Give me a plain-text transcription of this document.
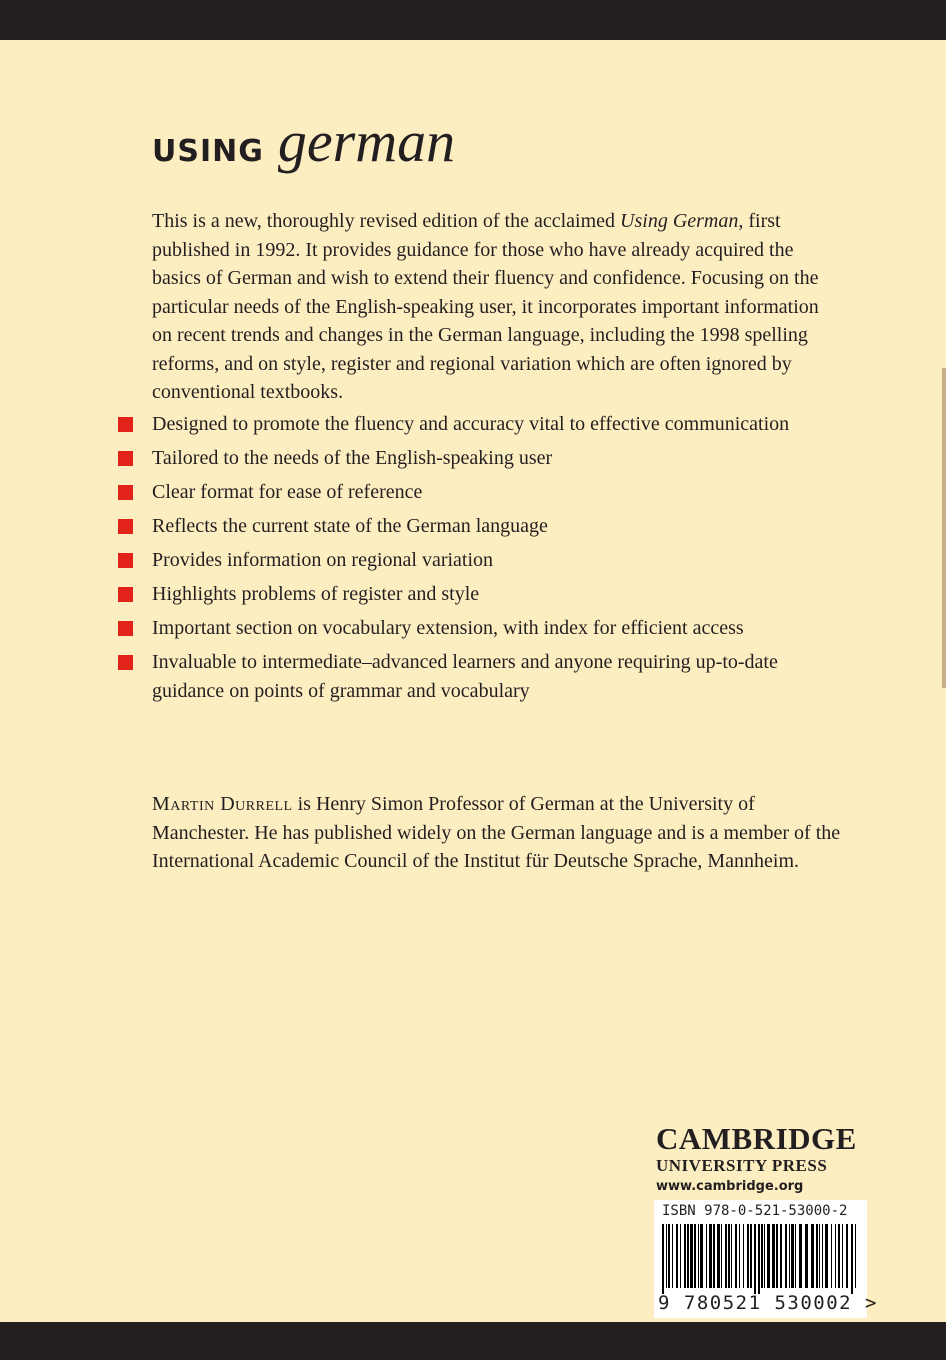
USING german
This is a new, thoroughly revised edition of the acclaimed Using German, first published in 1992. It provides guidance for those who have already acquired the basics of German and wish to extend their fluency and confidence. Focusing on the particular needs of the English-speaking user, it incorporates important information on recent trends and changes in the German language, including the 1998 spelling reforms, and on style, register and regional variation which are often ignored by conventional textbooks.
Designed to promote the fluency and accuracy vital to effective communication
Tailored to the needs of the English-speaking user
Clear format for ease of reference
Reflects the current state of the German language
Provides information on regional variation
Highlights problems of register and style
Important section on vocabulary extension, with index for efficient access
Invaluable to intermediate–advanced learners and anyone requiring up-to-date guidance on points of grammar and vocabulary
Martin Durrell is Henry Simon Professor of German at the University of Manchester. He has published widely on the German language and is a member of the International Academic Council of the Institut für Deutsche Sprache, Mannheim.
CAMBRIDGE
UNIVERSITY PRESS
www.cambridge.org
ISBN 978-0-521-53000-2
9 780521 530002 >
